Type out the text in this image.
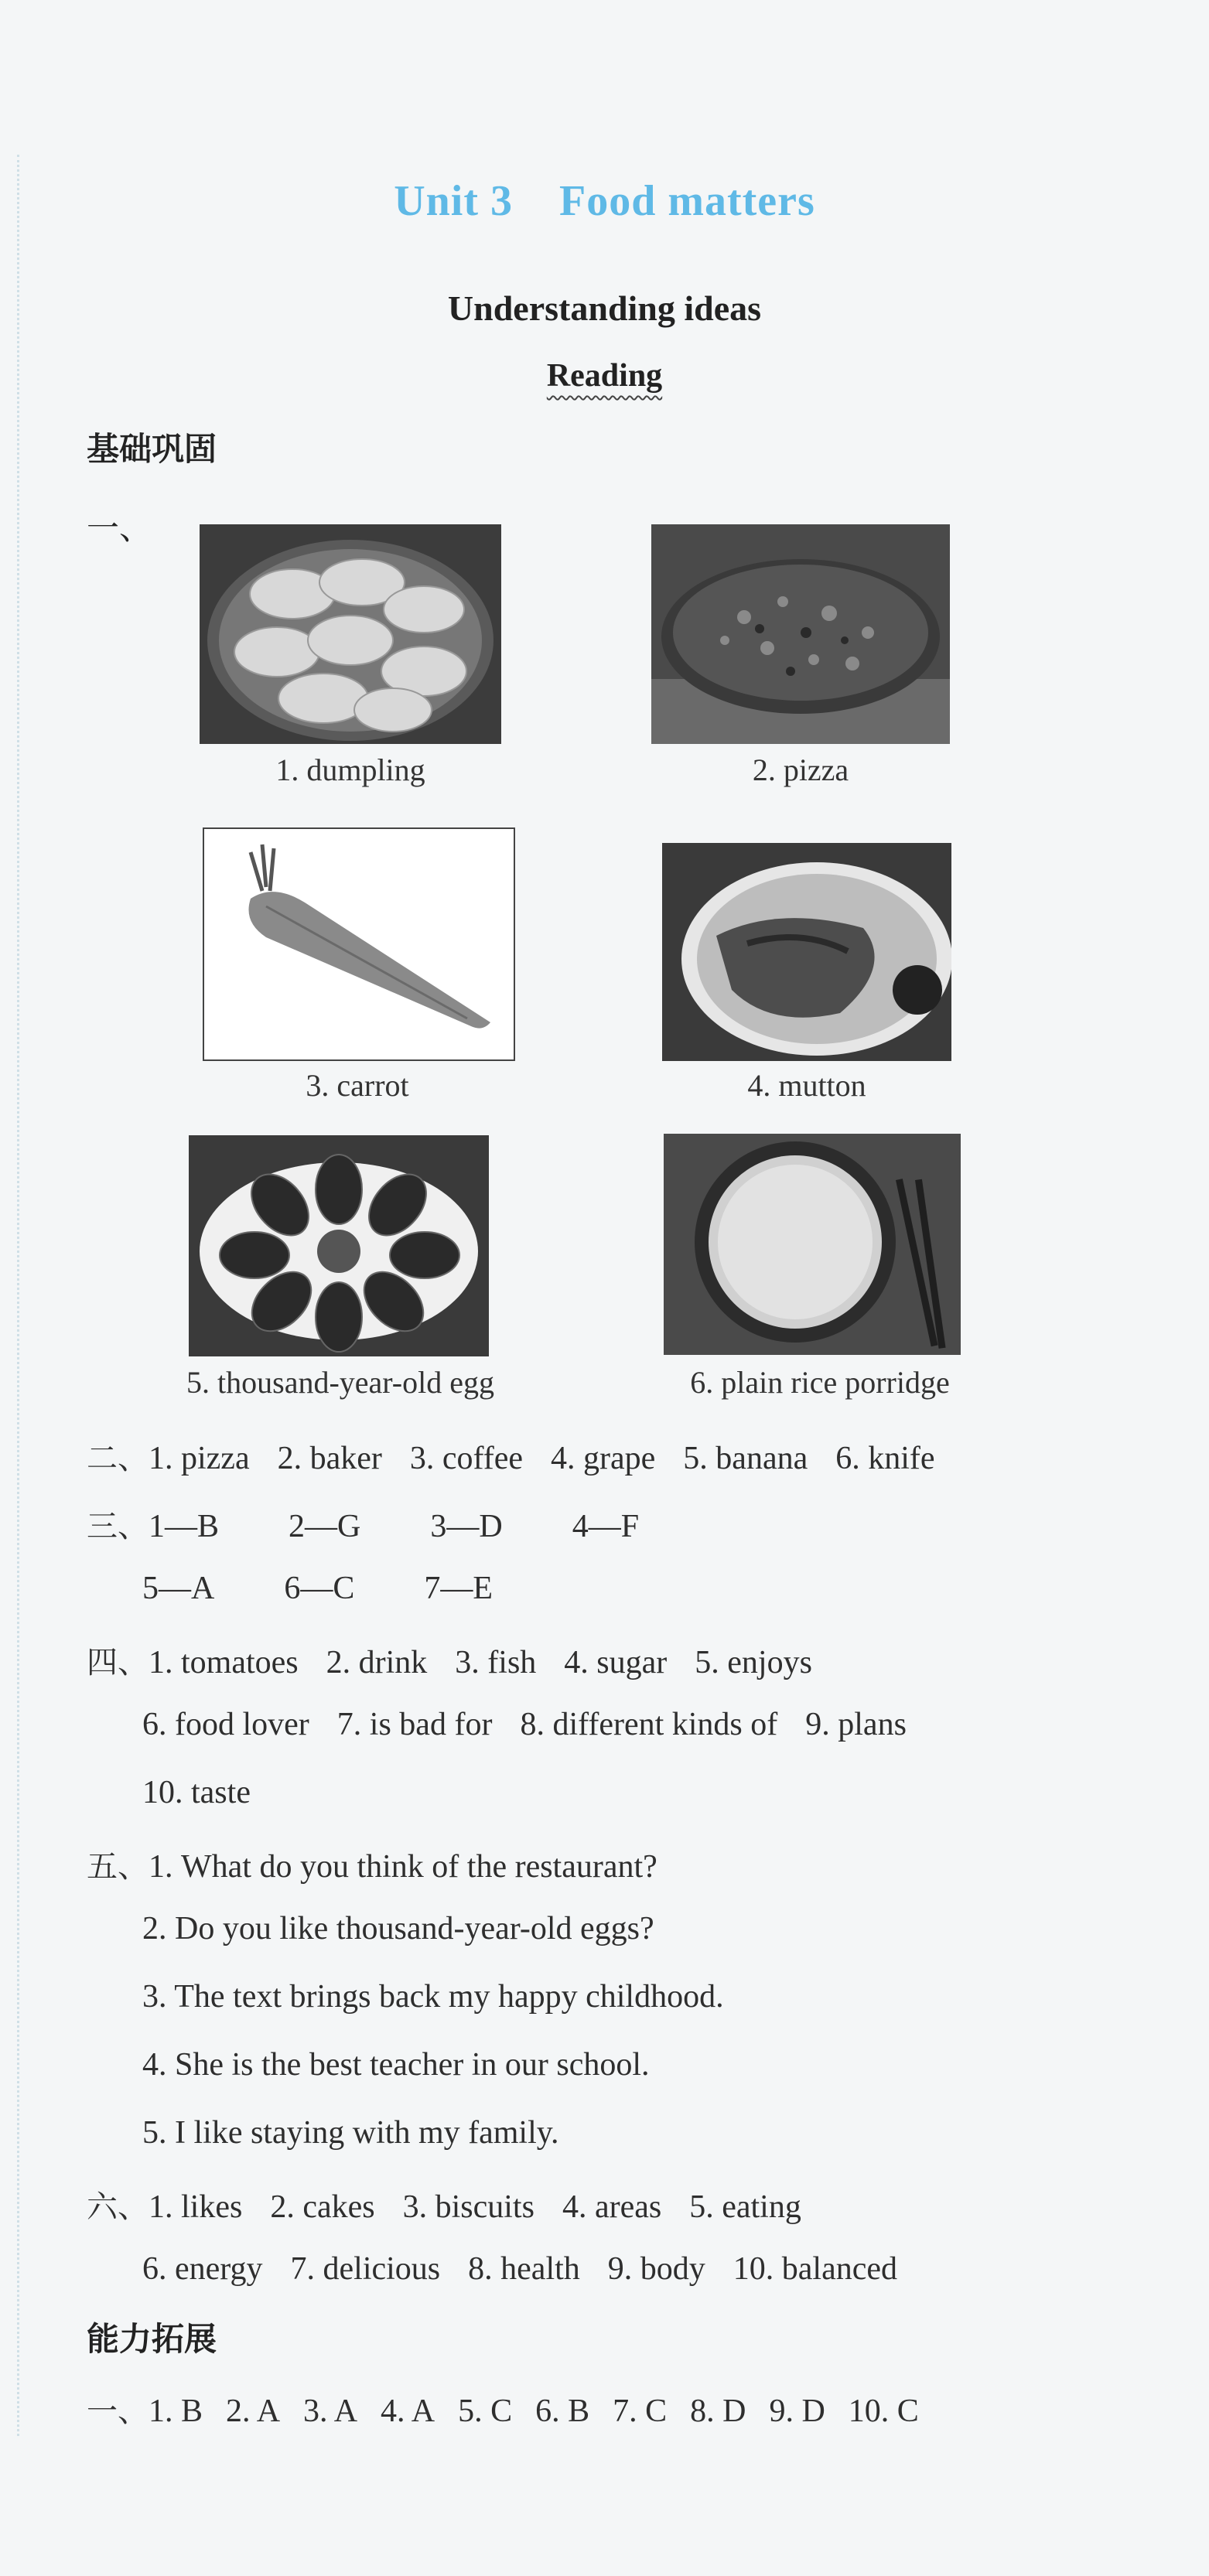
Unit 3 Food matters
Understanding ideas
Reading
基础巩固
一、
1. dumpling	2. pizza
3. carrot	4. mutton
5. thousand-year-old egg	6. plain rice porridge
二、1. pizza 2. baker 3. coffee 4. grape 5. banana 6. knife
三、1—B 2—G 3—D 4—F
5—A 6—C 7—E
四、1. tomatoes 2. drink 3. fish 4. sugar 5. enjoys
6. food lover 7. is bad for 8. different kinds of 9. plans
10. taste
五、1. What do you think of the restaurant?
2. Do you like thousand-year-old eggs?
3. The text brings back my happy childhood.
4. She is the best teacher in our school.
5. I like staying with my family.
六、1. likes 2. cakes 3. biscuits 4. areas 5. eating
6. energy 7. delicious 8. health 9. body 10. balanced
能力拓展
一、1. B 2. A 3. A 4. A 5. C 6. B 7. C 8. D 9. D 10. C
